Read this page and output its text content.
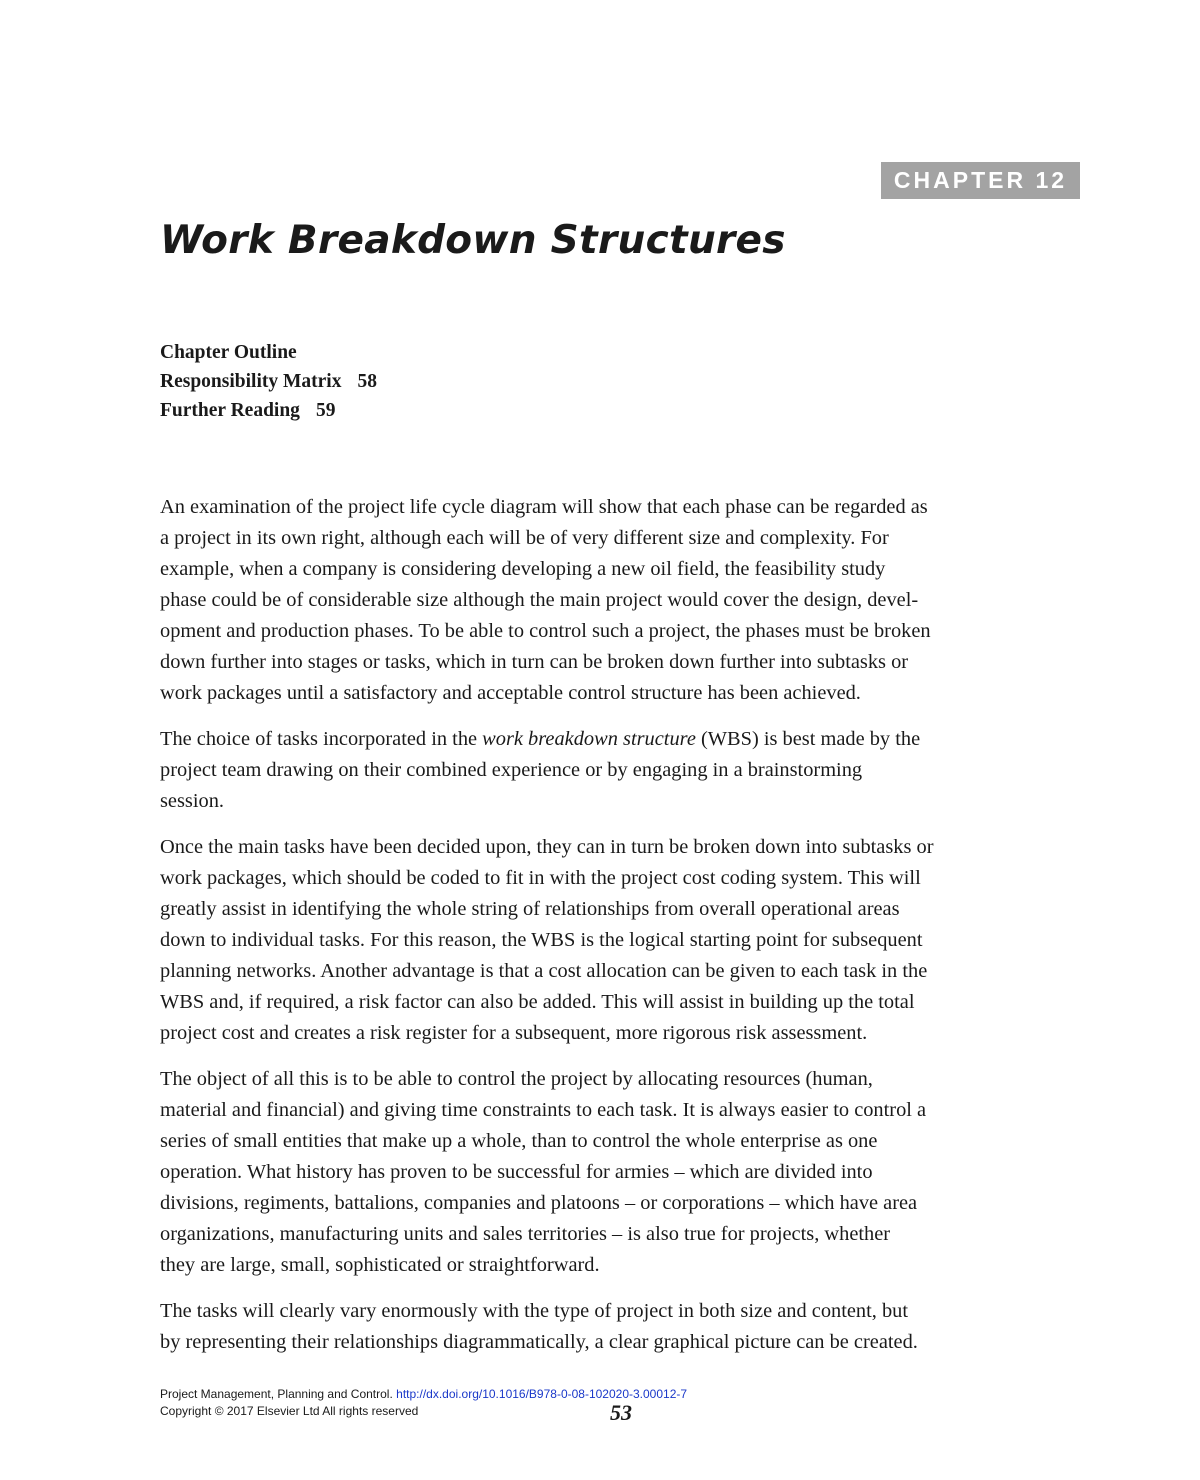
CHAPTER 12
Work Breakdown Structures
Chapter Outline
Responsibility Matrix 58
Further Reading 59

An examination of the project life cycle diagram will show that each phase can be regarded as
a project in its own right, although each will be of very different size and complexity. For
example, when a company is considering developing a new oil field, the feasibility study
phase could be of considerable size although the main project would cover the design, devel-
opment and production phases. To be able to control such a project, the phases must be broken
down further into stages or tasks, which in turn can be broken down further into subtasks or
work packages until a satisfactory and acceptable control structure has been achieved.

The choice of tasks incorporated in the work breakdown structure (WBS) is best made by the
project team drawing on their combined experience or by engaging in a brainstorming
session.

Once the main tasks have been decided upon, they can in turn be broken down into subtasks or
work packages, which should be coded to fit in with the project cost coding system. This will
greatly assist in identifying the whole string of relationships from overall operational areas
down to individual tasks. For this reason, the WBS is the logical starting point for subsequent
planning networks. Another advantage is that a cost allocation can be given to each task in the
WBS and, if required, a risk factor can also be added. This will assist in building up the total
project cost and creates a risk register for a subsequent, more rigorous risk assessment.

The object of all this is to be able to control the project by allocating resources (human,
material and financial) and giving time constraints to each task. It is always easier to control a
series of small entities that make up a whole, than to control the whole enterprise as one
operation. What history has proven to be successful for armies – which are divided into
divisions, regiments, battalions, companies and platoons – or corporations – which have area
organizations, manufacturing units and sales territories – is also true for projects, whether
they are large, small, sophisticated or straightforward.

The tasks will clearly vary enormously with the type of project in both size and content, but
by representing their relationships diagrammatically, a clear graphical picture can be created.

Project Management, Planning and Control. http://dx.doi.org/10.1016/B978-0-08-102020-3.00012-7
Copyright © 2017 Elsevier Ltd All rights reserved	53
